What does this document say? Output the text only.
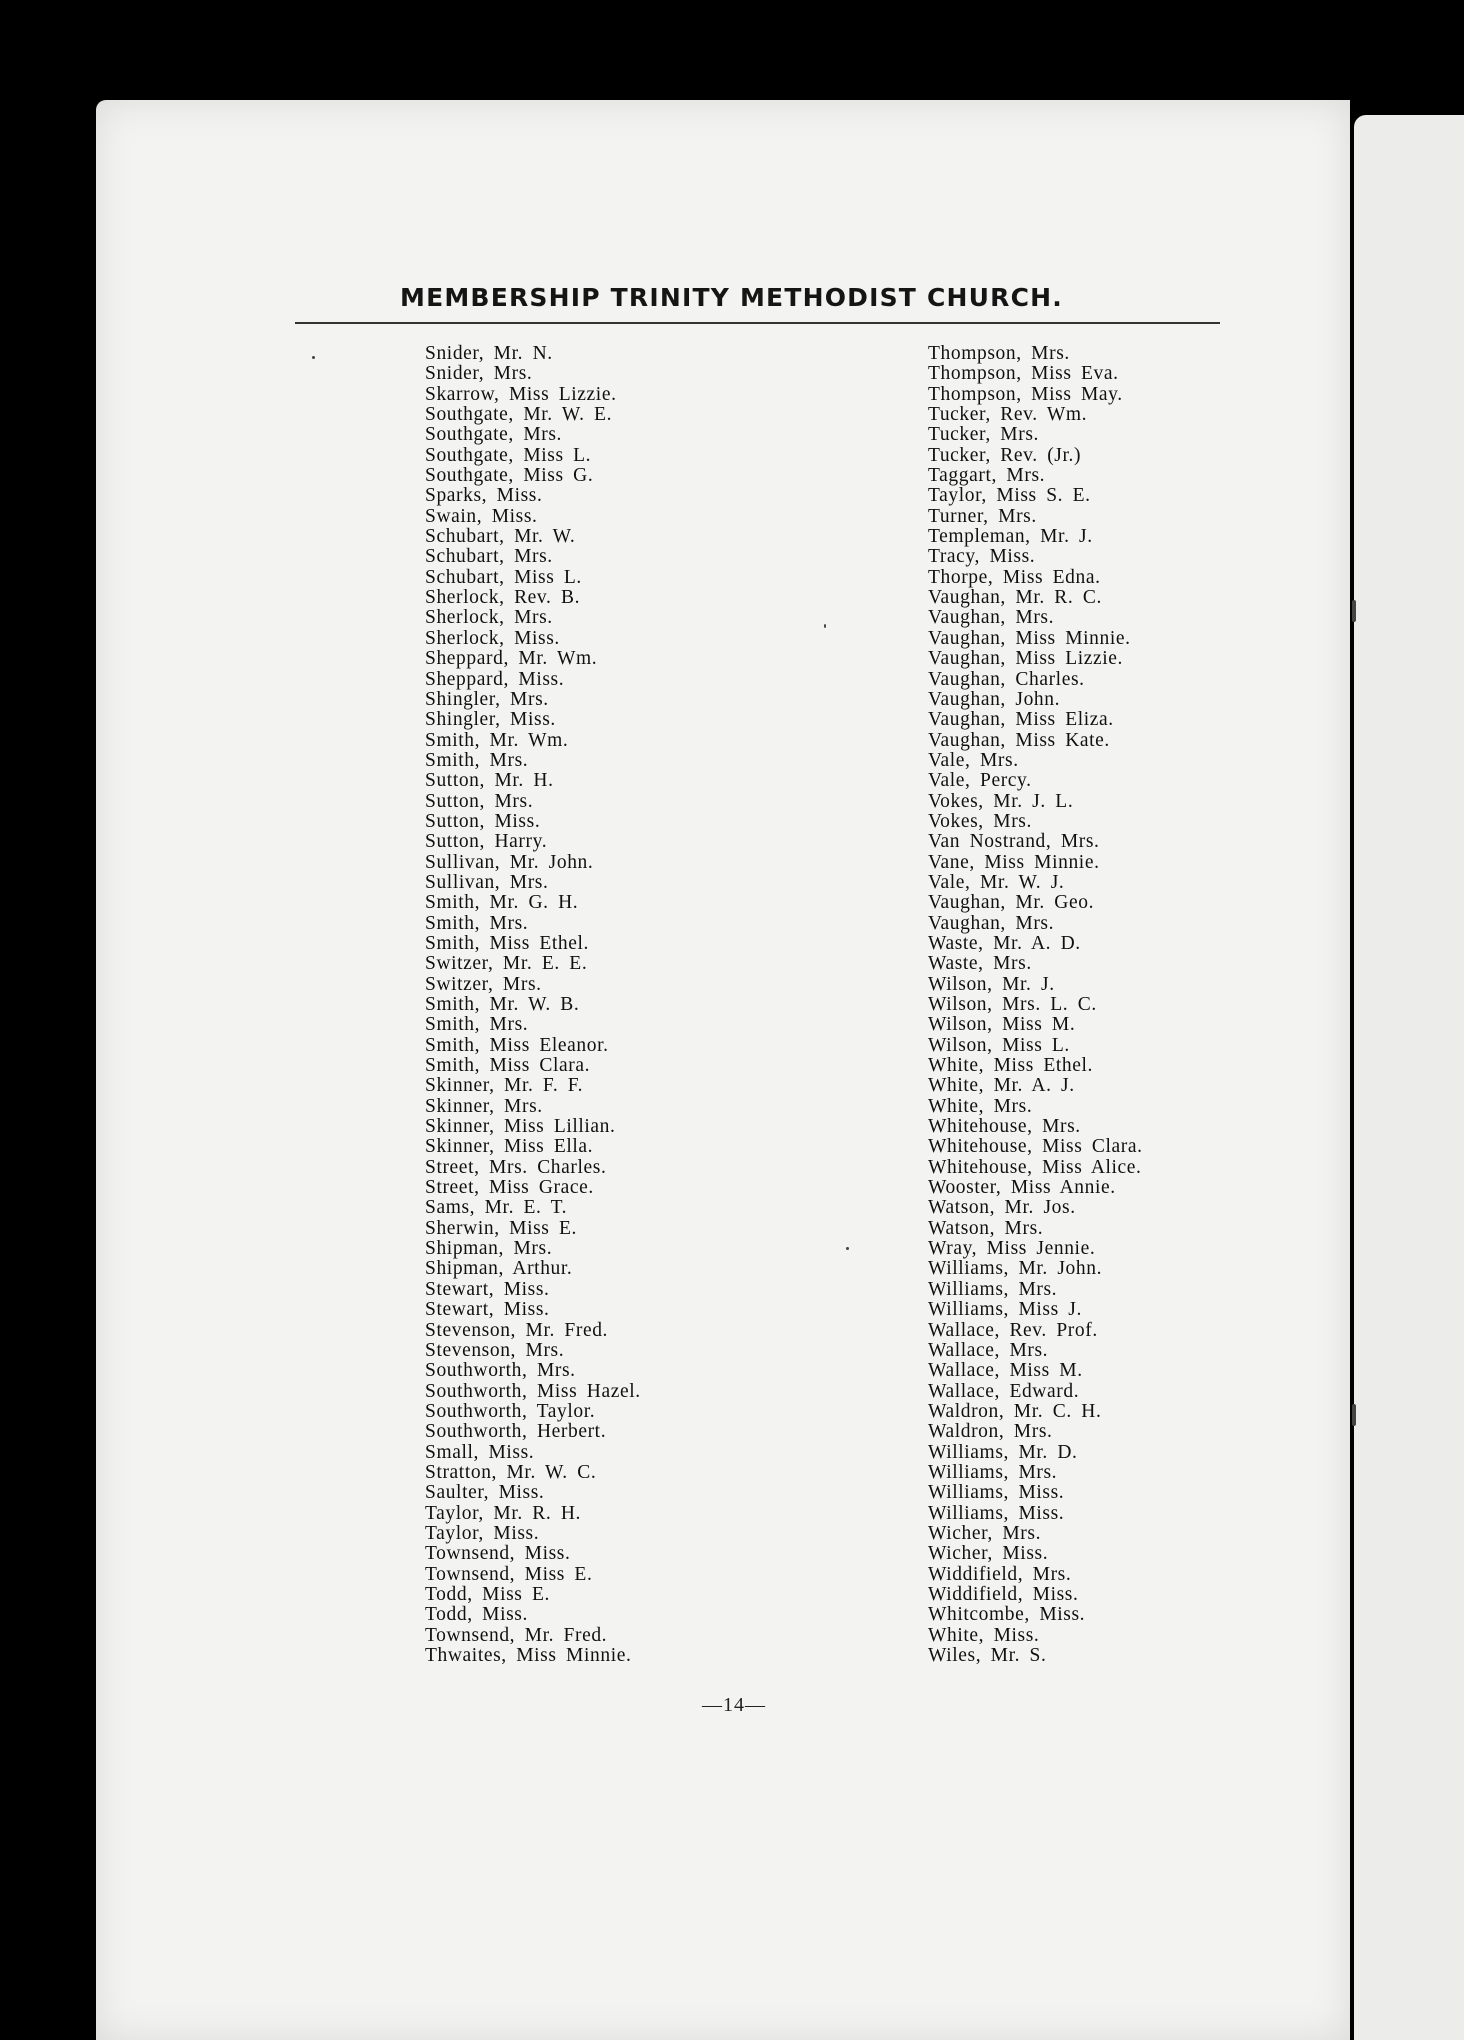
MEMBERSHIP TRINITY METHODIST CHURCH.
Snider, Mr. N.
Snider, Mrs.
Skarrow, Miss Lizzie.
Southgate, Mr. W. E.
Southgate, Mrs.
Southgate, Miss L.
Southgate, Miss G.
Sparks, Miss.
Swain, Miss.
Schubart, Mr. W.
Schubart, Mrs.
Schubart, Miss L.
Sherlock, Rev. B.
Sherlock, Mrs.
Sherlock, Miss.
Sheppard, Mr. Wm.
Sheppard, Miss.
Shingler, Mrs.
Shingler, Miss.
Smith, Mr. Wm.
Smith, Mrs.
Sutton, Mr. H.
Sutton, Mrs.
Sutton, Miss.
Sutton, Harry.
Sullivan, Mr. John.
Sullivan, Mrs.
Smith, Mr. G. H.
Smith, Mrs.
Smith, Miss Ethel.
Switzer, Mr. E. E.
Switzer, Mrs.
Smith, Mr. W. B.
Smith, Mrs.
Smith, Miss Eleanor.
Smith, Miss Clara.
Skinner, Mr. F. F.
Skinner, Mrs.
Skinner, Miss Lillian.
Skinner, Miss Ella.
Street, Mrs. Charles.
Street, Miss Grace.
Sams, Mr. E. T.
Sherwin, Miss E.
Shipman, Mrs.
Shipman, Arthur.
Stewart, Miss.
Stewart, Miss.
Stevenson, Mr. Fred.
Stevenson, Mrs.
Southworth, Mrs.
Southworth, Miss Hazel.
Southworth, Taylor.
Southworth, Herbert.
Small, Miss.
Stratton, Mr. W. C.
Saulter, Miss.
Taylor, Mr. R. H.
Taylor, Miss.
Townsend, Miss.
Townsend, Miss E.
Todd, Miss E.
Todd, Miss.
Townsend, Mr. Fred.
Thwaites, Miss Minnie.
Thompson, Mrs.
Thompson, Miss Eva.
Thompson, Miss May.
Tucker, Rev. Wm.
Tucker, Mrs.
Tucker, Rev. (Jr.)
Taggart, Mrs.
Taylor, Miss S. E.
Turner, Mrs.
Templeman, Mr. J.
Tracy, Miss.
Thorpe, Miss Edna.
Vaughan, Mr. R. C.
Vaughan, Mrs.
Vaughan, Miss Minnie.
Vaughan, Miss Lizzie.
Vaughan, Charles.
Vaughan, John.
Vaughan, Miss Eliza.
Vaughan, Miss Kate.
Vale, Mrs.
Vale, Percy.
Vokes, Mr. J. L.
Vokes, Mrs.
Van Nostrand, Mrs.
Vane, Miss Minnie.
Vale, Mr. W. J.
Vaughan, Mr. Geo.
Vaughan, Mrs.
Waste, Mr. A. D.
Waste, Mrs.
Wilson, Mr. J.
Wilson, Mrs. L. C.
Wilson, Miss M.
Wilson, Miss L.
White, Miss Ethel.
White, Mr. A. J.
White, Mrs.
Whitehouse, Mrs.
Whitehouse, Miss Clara.
Whitehouse, Miss Alice.
Wooster, Miss Annie.
Watson, Mr. Jos.
Watson, Mrs.
Wray, Miss Jennie.
Williams, Mr. John.
Williams, Mrs.
Williams, Miss J.
Wallace, Rev. Prof.
Wallace, Mrs.
Wallace, Miss M.
Wallace, Edward.
Waldron, Mr. C. H.
Waldron, Mrs.
Williams, Mr. D.
Williams, Mrs.
Williams, Miss.
Williams, Miss.
Wicher, Mrs.
Wicher, Miss.
Widdifield, Mrs.
Widdifield, Miss.
Whitcombe, Miss.
White, Miss.
Wiles, Mr. S.
—14—
